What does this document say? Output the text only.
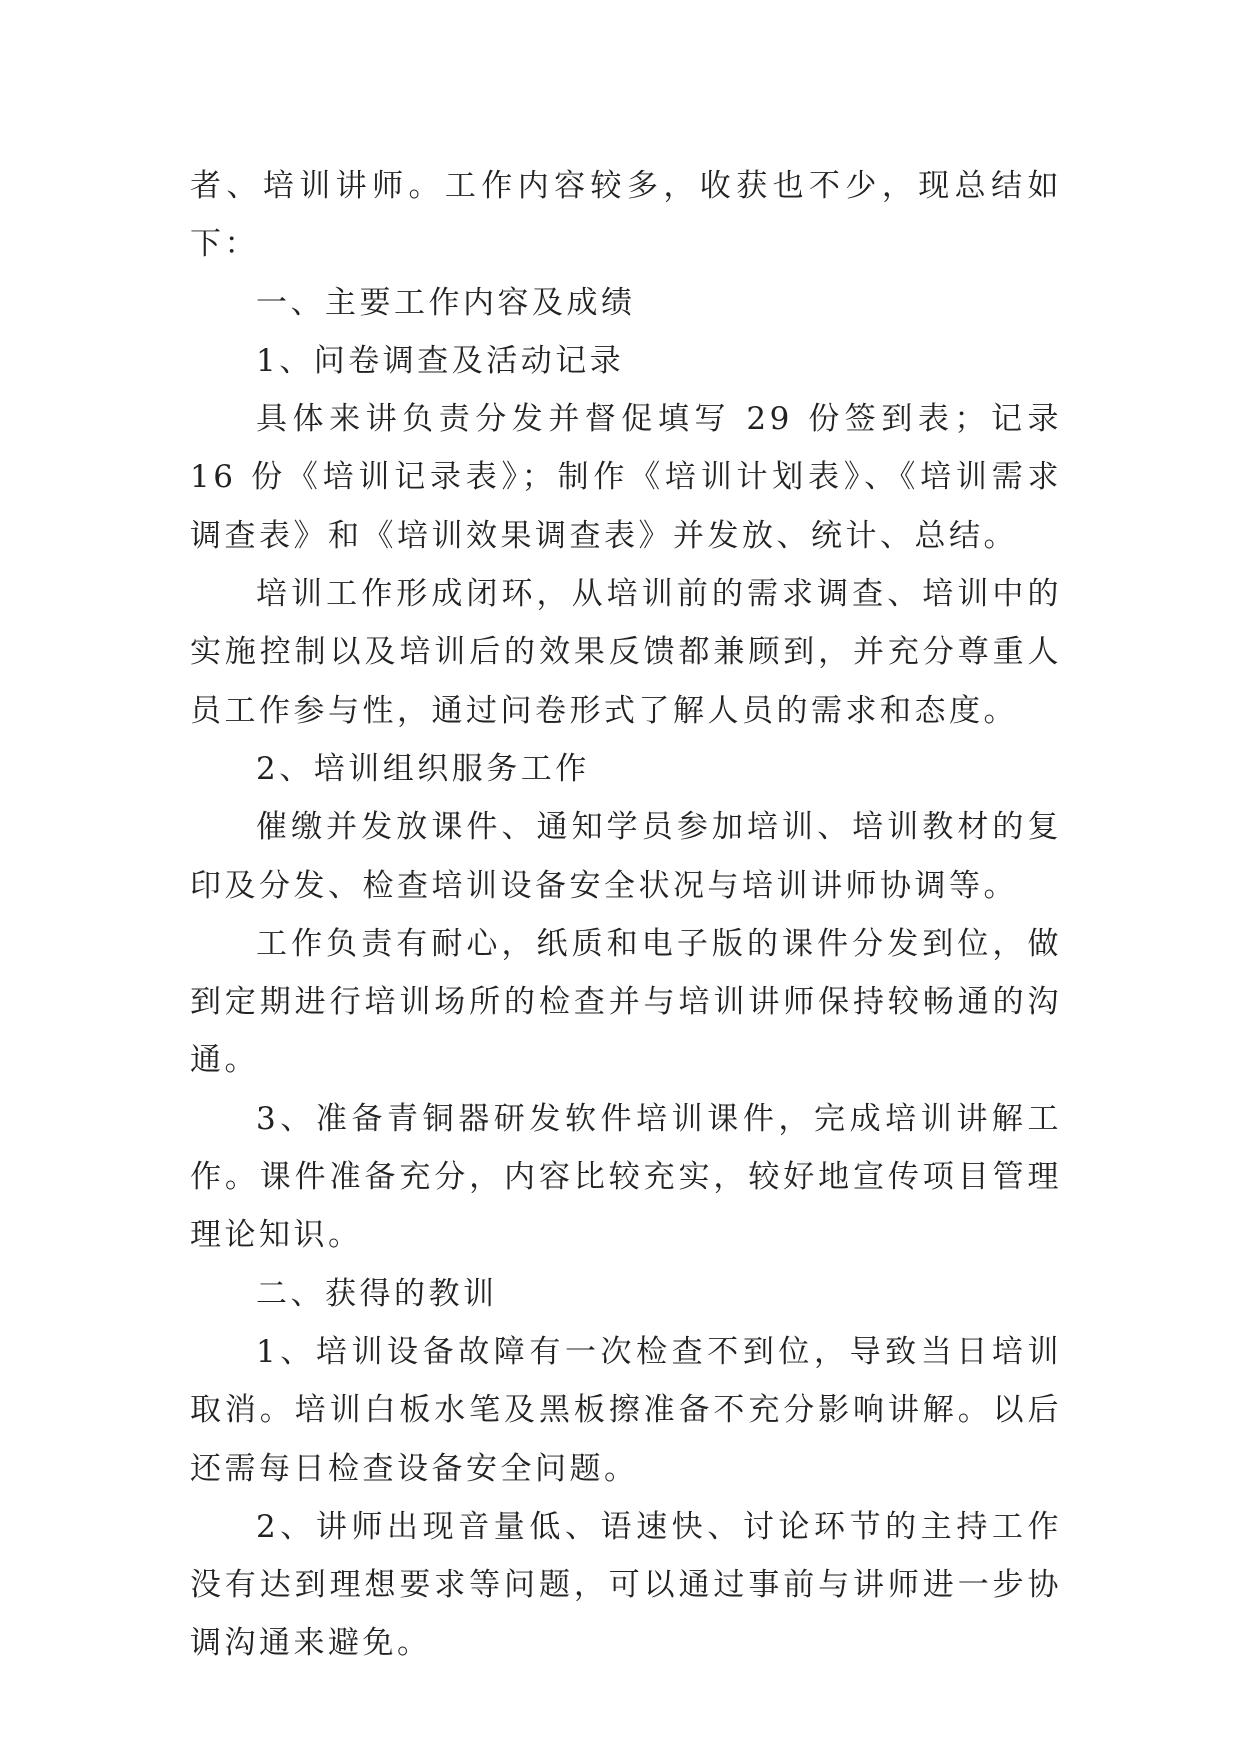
者、培训讲师。工作内容较多，收获也不少，现总结如下：

一、主要工作内容及成绩

1、问卷调查及活动记录

具体来讲负责分发并督促填写 29 份签到表；记录 16 份《培训记录表》；制作《培训计划表》、《培训需求调查表》和《培训效果调查表》并发放、统计、总结。

培训工作形成闭环，从培训前的需求调查、培训中的实施控制以及培训后的效果反馈都兼顾到，并充分尊重人员工作参与性，通过问卷形式了解人员的需求和态度。

2、培训组织服务工作

催缴并发放课件、通知学员参加培训、培训教材的复印及分发、检查培训设备安全状况与培训讲师协调等。

工作负责有耐心，纸质和电子版的课件分发到位，做到定期进行培训场所的检查并与培训讲师保持较畅通的沟通。

3、准备青铜器研发软件培训课件，完成培训讲解工作。课件准备充分，内容比较充实，较好地宣传项目管理理论知识。

二、获得的教训

1、培训设备故障有一次检查不到位，导致当日培训取消。培训白板水笔及黑板擦准备不充分影响讲解。以后还需每日检查设备安全问题。

2、讲师出现音量低、语速快、讨论环节的主持工作没有达到理想要求等问题，可以通过事前与讲师进一步协调沟通来避免。
